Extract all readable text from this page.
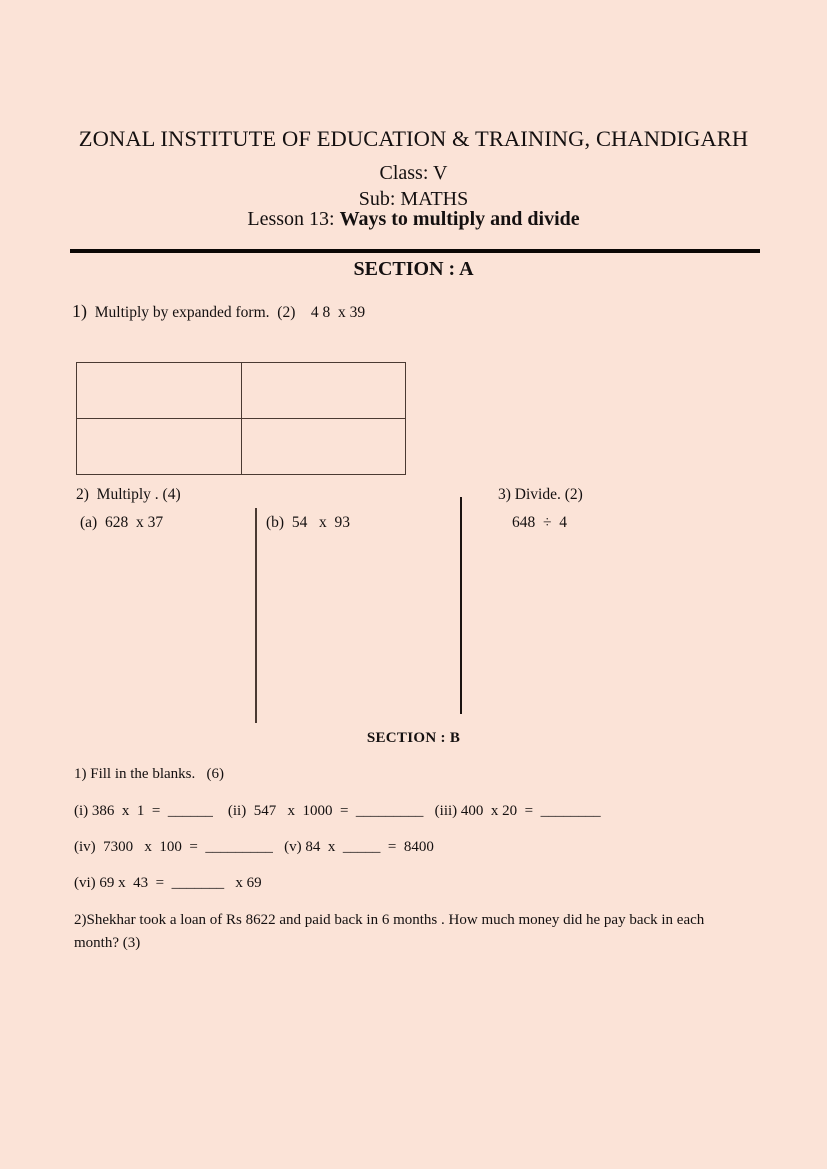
ZONAL INSTITUTE OF EDUCATION & TRAINING, CHANDIGARH
Class: V
Sub: MATHS
Lesson 13: Ways to multiply and divide
SECTION : A
1)  Multiply by expanded form.  (2)    4 8  x 39

2)  Multiply . (4)
(a)  628  x 37	(b)  54   x  93
3) Divide. (2)
648  ÷  4
SECTION : B
1) Fill in the blanks.   (6)
(i) 386  x  1  =  ______    (ii)  547   x  1000  =  _________   (iii) 400  x 20  =  ________
(iv)  7300   x  100  =  _________   (v) 84  x  _____  =  8400
(vi) 69 x  43  =  _______   x 69
2)Shekhar took a loan of Rs 8622 and paid back in 6 months . How much money did he pay back in each month? (3)
